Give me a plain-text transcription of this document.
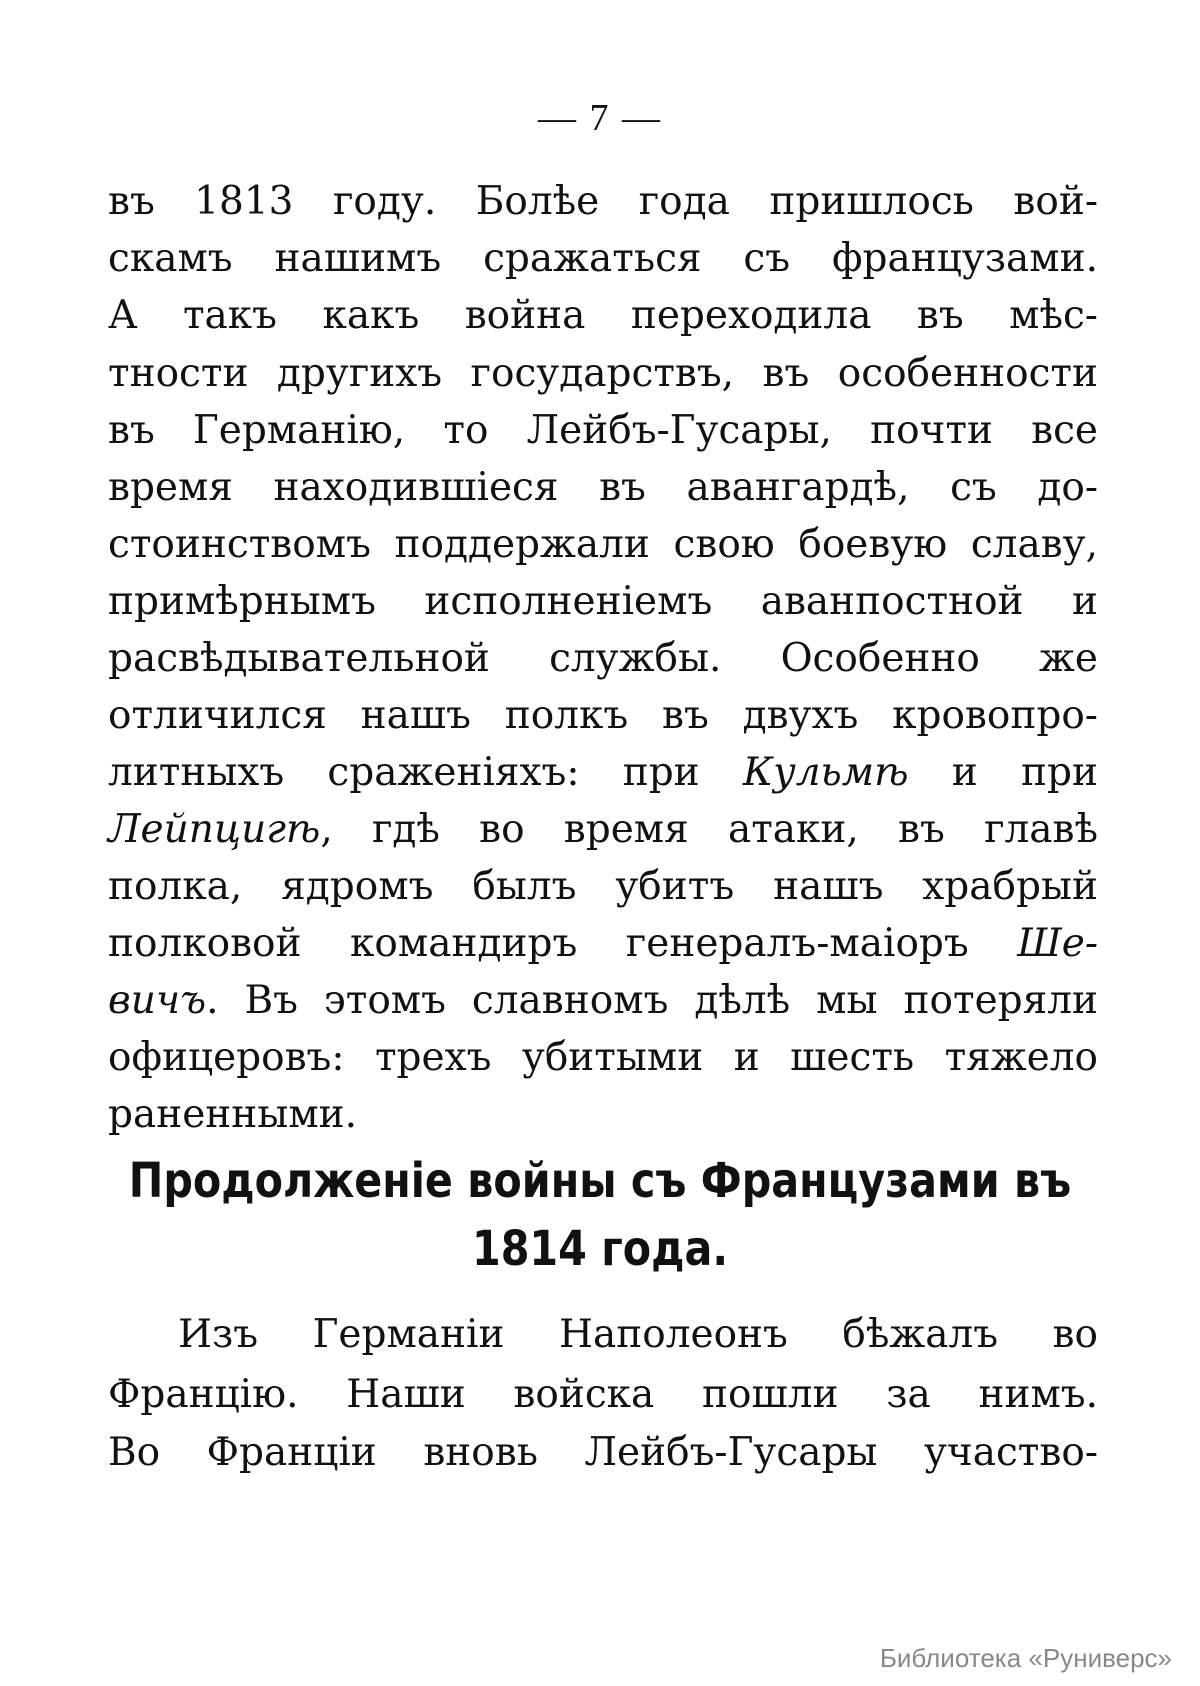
— 7 —
въ 1813 году. Болѣе года пришлось вой-
скамъ нашимъ сражаться съ французами.
А такъ какъ война переходила въ мѣс-
тности другихъ государствъ, въ особенности
въ Германію, то Лейбъ-Гусары, почти все
время находившіеся въ авангардѣ, съ до-
стоинствомъ поддержали свою боевую славу,
примѣрнымъ исполненіемъ аванпостной и
расвѣдывательной службы. Особенно же
отличился нашъ полкъ въ двухъ кровопро-
литныхъ сраженіяхъ: при Кульмѣ и при
Лейпцигѣ, гдѣ во время атаки, въ главѣ
полка, ядромъ былъ убитъ нашъ храбрый
полковой командиръ генералъ-маіоръ Ше-
вичъ. Въ этомъ славномъ дѣлѣ мы потеряли
офицеровъ: трехъ убитыми и шесть тяжело
раненными.
Продолженіе войны съ Французами въ
1814 года.
Изъ Германіи Наполеонъ бѣжалъ во
Францію. Наши войска пошли за нимъ.
Во Франціи вновь Лейбъ-Гусары участво-
Библиотека «Руниверс»
